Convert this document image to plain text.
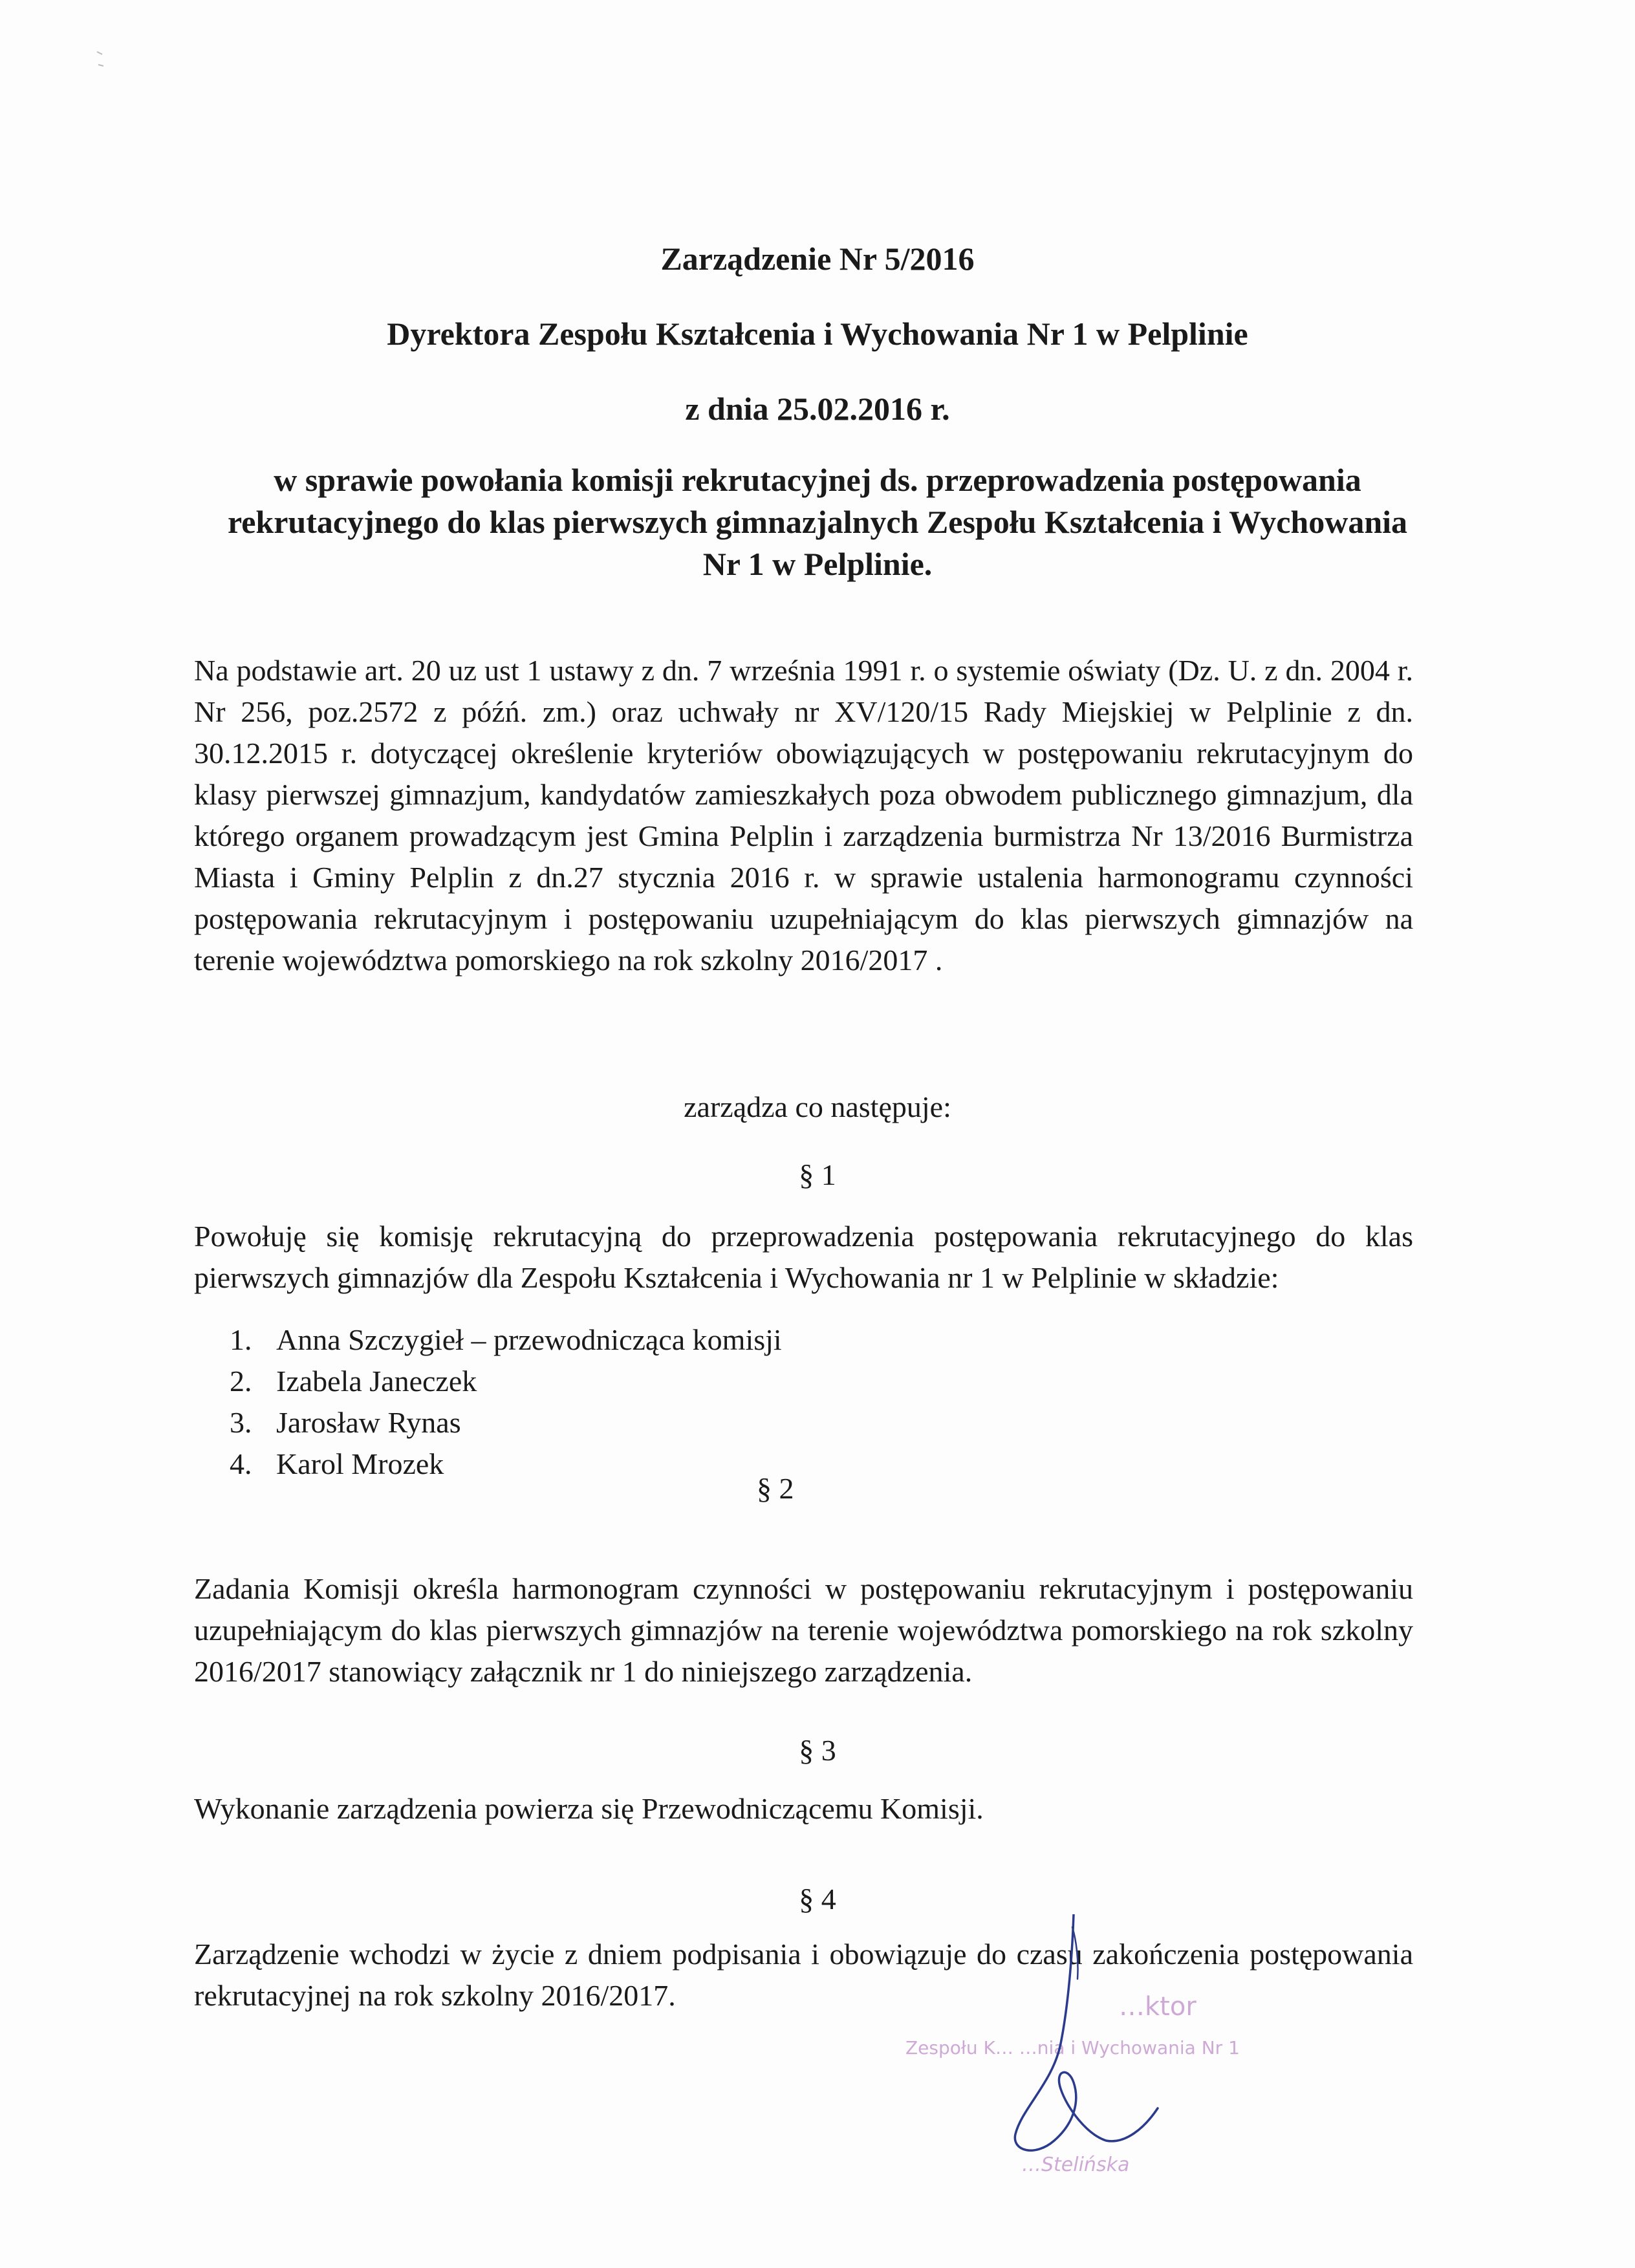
Zarządzenie Nr 5/2016
Dyrektora Zespołu Kształcenia i Wychowania Nr 1 w Pelplinie
z dnia 25.02.2016 r.
w sprawie powołania komisji rekrutacyjnej ds. przeprowadzenia postępowania
rekrutacyjnego do klas pierwszych gimnazjalnych Zespołu Kształcenia i Wychowania
Nr 1 w Pelplinie.
Na podstawie art. 20 uz ust 1 ustawy z dn. 7 września 1991 r. o systemie oświaty (Dz. U. z dn. 2004 r. Nr 256, poz.2572 z późń. zm.) oraz uchwały nr XV/120/15 Rady Miejskiej w Pelplinie z dn. 30.12.2015 r. dotyczącej określenie kryteriów obowiązujących w postępowaniu rekrutacyjnym do klasy pierwszej gimnazjum, kandydatów zamieszkałych poza obwodem publicznego gimnazjum, dla którego organem prowadzącym jest Gmina Pelplin i zarządzenia burmistrza Nr 13/2016 Burmistrza Miasta i Gminy Pelplin z dn.27 stycznia 2016 r. w sprawie ustalenia harmonogramu czynności postępowania rekrutacyjnym i postępowaniu uzupełniającym do klas pierwszych gimnazjów na terenie województwa pomorskiego na rok szkolny 2016/2017 .
zarządza co następuje:
§ 1
Powołuję się komisję rekrutacyjną do przeprowadzenia postępowania rekrutacyjnego do klas pierwszych gimnazjów dla Zespołu Kształcenia i Wychowania nr 1 w Pelplinie w składzie:
1. Anna Szczygieł – przewodnicząca komisji
2. Izabela Janeczek
3. Jarosław Rynas
4. Karol Mrozek
§ 2
Zadania Komisji określa harmonogram czynności w postępowaniu rekrutacyjnym i postępowaniu uzupełniającym do klas pierwszych gimnazjów na terenie województwa pomorskiego na rok szkolny 2016/2017 stanowiący załącznik nr 1 do niniejszego zarządzenia.
§ 3
Wykonanie zarządzenia powierza się Przewodniczącemu Komisji.
§ 4
Zarządzenie wchodzi w życie z dniem podpisania i obowiązuje do czasu zakończenia postępowania rekrutacyjnej na rok szkolny 2016/2017.	…ktor
Zespołu K… …nia i Wychowania Nr 1
…Stelińska
